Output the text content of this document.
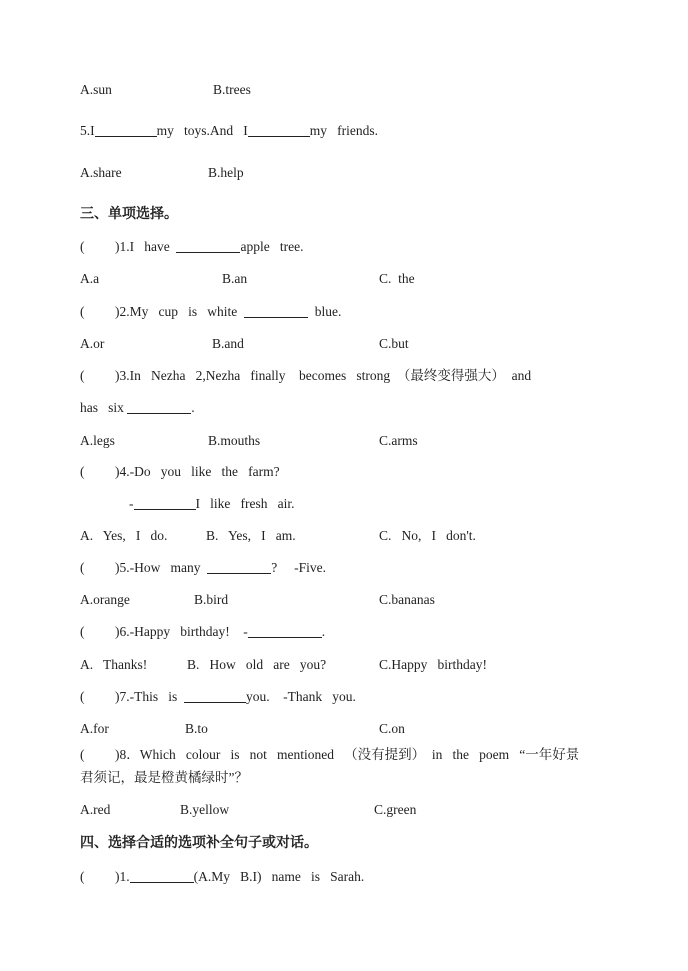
A.sun	B.trees
5.I	my   toys.And   I	my   friends.
A.share	B.help
三、单项选择。
( )1.I   have	apple   tree.
A.a	B.an	C.  the
( )2.My   cup   is   white	blue.
A.or	B.and	C.but
( )3.In   Nezha   2,Nezha   finally    becomes   strong  （最终变得强大）  and
has   six	.
A.legs	B.mouths	C.arms
( )4.-Do   you   like   the   farm?
-	I   like   fresh   air.
A.   Yes,   I   do.	B.   Yes,   I   am.	C.   No,   I   don't.
( )5.-How   many	?     -Five.
A.orange	B.bird	C.bananas
( )6.-Happy   birthday!    -	.
A.   Thanks!	B.   How   old   are   you?	C.Happy   birthday!
( )7.-This   is	you.    -Thank   you.
A.for	B.to	C.on
( )8．Which   colour   is   not   mentioned   （没有提到）  in   the   poem   “一年好景
君须记，最是橙黄橘绿时”？
A.red	B.yellow	C.green
四、选择合适的选项补全句子或对话。
( )1.	(A.My   B.I)   name   is   Sarah.
